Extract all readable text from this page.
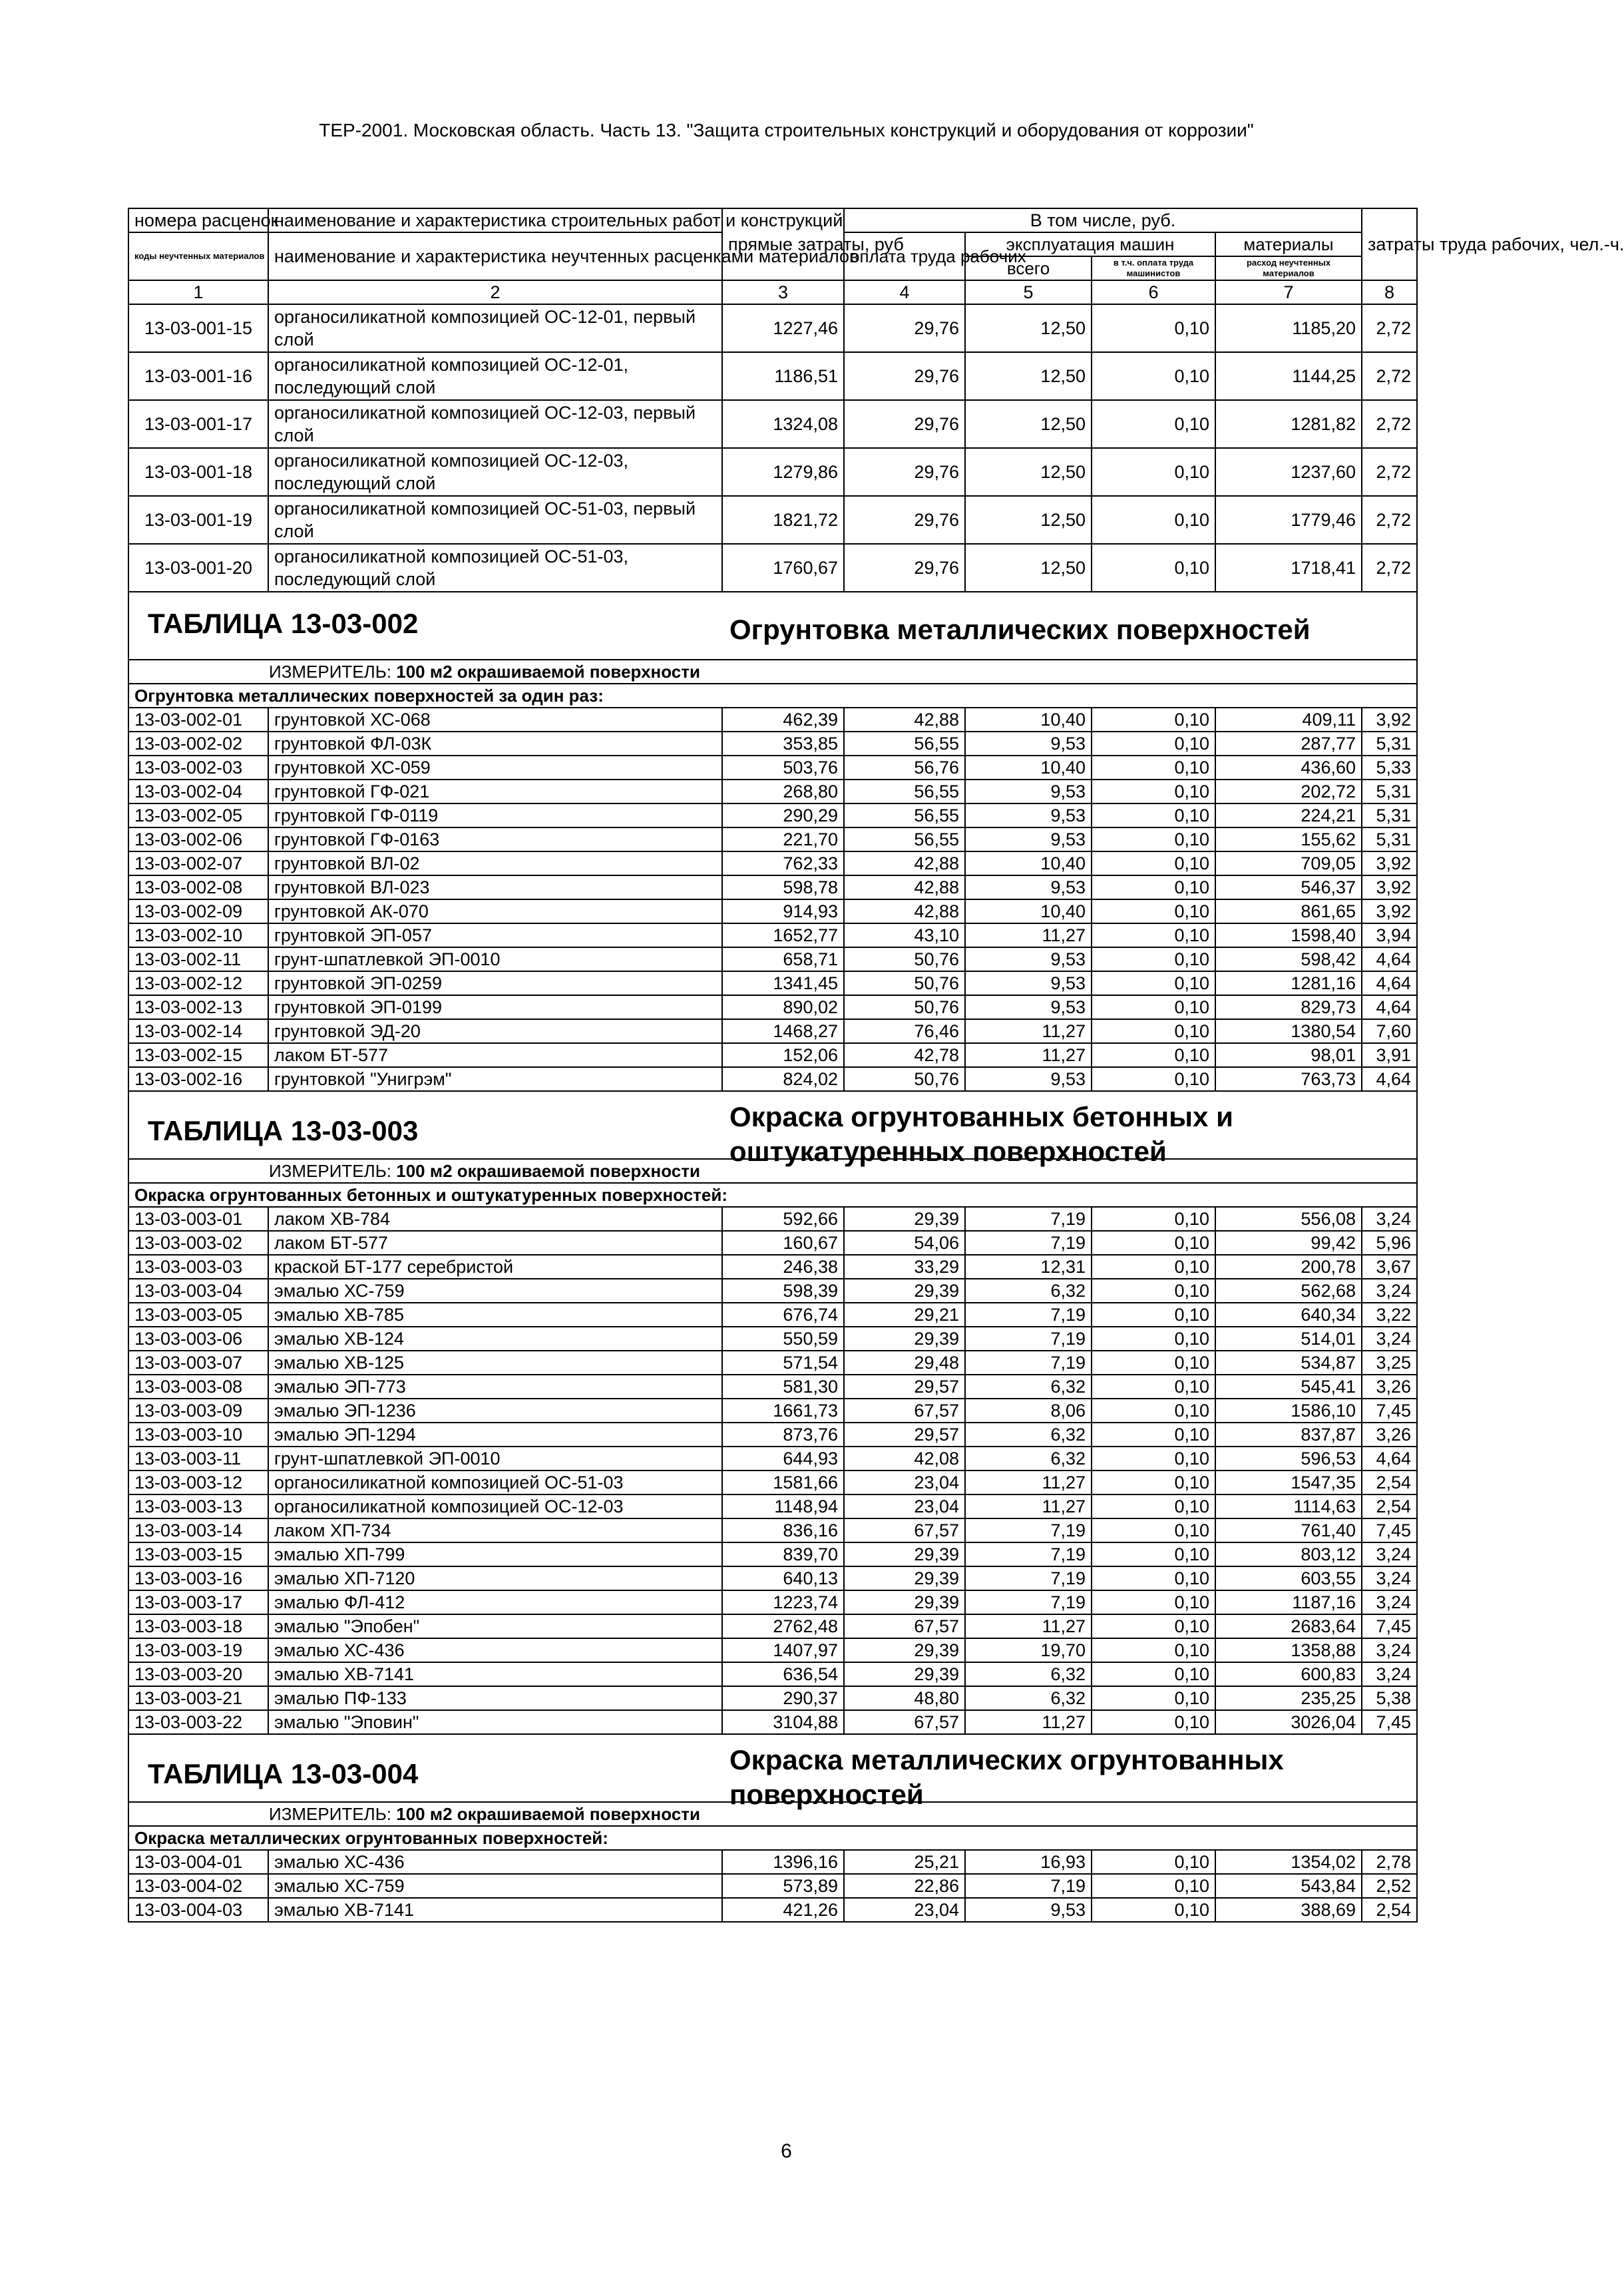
ТЕР-2001. Московская область. Часть 13. "Защита строительных конструкций и оборудования от коррозии"
номера расценок	наименование и характеристика строительных работ и конструкций	прямые затраты, руб	В том числе, руб.				затраты труда рабочих, чел.-ч.
коды неучтенных материалов	наименование и характеристика неучтенных расценками материалов		оплата труда рабочих	эксплуатация машин		материалы	
				всего	в т.ч. оплата труда машинистов	расход неучтенных материалов	
1	2	3	4	5	6	7	8
13-03-001-15	органосиликатной композицией ОС-12-01, первый слой	1227,46	29,76	12,50	0,10	1185,20	2,72
13-03-001-16	органосиликатной композицией ОС-12-01, последующий слой	1186,51	29,76	12,50	0,10	1144,25	2,72
13-03-001-17	органосиликатной композицией ОС-12-03, первый слой	1324,08	29,76	12,50	0,10	1281,82	2,72
13-03-001-18	органосиликатной композицией ОС-12-03, последующий слой	1279,86	29,76	12,50	0,10	1237,60	2,72
13-03-001-19	органосиликатной композицией ОС-51-03, первый слой	1821,72	29,76	12,50	0,10	1779,46	2,72
13-03-001-20	органосиликатной композицией ОС-51-03, последующий слой	1760,67	29,76	12,50	0,10	1718,41	2,72

ТАБЛИЦА 13-03-002 Огрунтовка металлических поверхностей							

ИЗМЕРИТЕЛЬ: 100 м2 окрашиваемой поверхности							
Огрунтовка металлических поверхностей за один раз:							
13-03-002-01	грунтовкой ХС-068	462,39	42,88	10,40	0,10	409,11	3,92
13-03-002-02	грунтовкой ФЛ-03К	353,85	56,55	9,53	0,10	287,77	5,31
13-03-002-03	грунтовкой ХС-059	503,76	56,76	10,40	0,10	436,60	5,33
13-03-002-04	грунтовкой ГФ-021	268,80	56,55	9,53	0,10	202,72	5,31
13-03-002-05	грунтовкой ГФ-0119	290,29	56,55	9,53	0,10	224,21	5,31
13-03-002-06	грунтовкой ГФ-0163	221,70	56,55	9,53	0,10	155,62	5,31
13-03-002-07	грунтовкой ВЛ-02	762,33	42,88	10,40	0,10	709,05	3,92
13-03-002-08	грунтовкой ВЛ-023	598,78	42,88	9,53	0,10	546,37	3,92
13-03-002-09	грунтовкой АК-070	914,93	42,88	10,40	0,10	861,65	3,92
13-03-002-10	грунтовкой ЭП-057	1652,77	43,10	11,27	0,10	1598,40	3,94
13-03-002-11	грунт-шпатлевкой ЭП-0010	658,71	50,76	9,53	0,10	598,42	4,64
13-03-002-12	грунтовкой ЭП-0259	1341,45	50,76	9,53	0,10	1281,16	4,64
13-03-002-13	грунтовкой ЭП-0199	890,02	50,76	9,53	0,10	829,73	4,64
13-03-002-14	грунтовкой ЭД-20	1468,27	76,46	11,27	0,10	1380,54	7,60
13-03-002-15	лаком БТ-577	152,06	42,78	11,27	0,10	98,01	3,91
13-03-002-16	грунтовкой "Унигрэм"	824,02	50,76	9,53	0,10	763,73	4,64

ТАБЛИЦА 13-03-003 Окраска огрунтованных бетонных и
оштукатуренных поверхностей							

ИЗМЕРИТЕЛЬ: 100 м2 окрашиваемой поверхности							
Окраска огрунтованных бетонных и оштукатуренных поверхностей:							
13-03-003-01	лаком ХВ-784	592,66	29,39	7,19	0,10	556,08	3,24
13-03-003-02	лаком БТ-577	160,67	54,06	7,19	0,10	99,42	5,96
13-03-003-03	краской БТ-177 серебристой	246,38	33,29	12,31	0,10	200,78	3,67
13-03-003-04	эмалью ХС-759	598,39	29,39	6,32	0,10	562,68	3,24
13-03-003-05	эмалью ХВ-785	676,74	29,21	7,19	0,10	640,34	3,22
13-03-003-06	эмалью ХВ-124	550,59	29,39	7,19	0,10	514,01	3,24
13-03-003-07	эмалью ХВ-125	571,54	29,48	7,19	0,10	534,87	3,25
13-03-003-08	эмалью ЭП-773	581,30	29,57	6,32	0,10	545,41	3,26
13-03-003-09	эмалью ЭП-1236	1661,73	67,57	8,06	0,10	1586,10	7,45
13-03-003-10	эмалью ЭП-1294	873,76	29,57	6,32	0,10	837,87	3,26
13-03-003-11	грунт-шпатлевкой ЭП-0010	644,93	42,08	6,32	0,10	596,53	4,64
13-03-003-12	органосиликатной композицией ОС-51-03	1581,66	23,04	11,27	0,10	1547,35	2,54
13-03-003-13	органосиликатной композицией ОС-12-03	1148,94	23,04	11,27	0,10	1114,63	2,54
13-03-003-14	лаком ХП-734	836,16	67,57	7,19	0,10	761,40	7,45
13-03-003-15	эмалью ХП-799	839,70	29,39	7,19	0,10	803,12	3,24
13-03-003-16	эмалью ХП-7120	640,13	29,39	7,19	0,10	603,55	3,24
13-03-003-17	эмалью ФЛ-412	1223,74	29,39	7,19	0,10	1187,16	3,24
13-03-003-18	эмалью "Эпобен"	2762,48	67,57	11,27	0,10	2683,64	7,45
13-03-003-19	эмалью ХС-436	1407,97	29,39	19,70	0,10	1358,88	3,24
13-03-003-20	эмалью ХВ-7141	636,54	29,39	6,32	0,10	600,83	3,24
13-03-003-21	эмалью ПФ-133	290,37	48,80	6,32	0,10	235,25	5,38
13-03-003-22	эмалью "Эповин"	3104,88	67,57	11,27	0,10	3026,04	7,45

ТАБЛИЦА 13-03-004 Окраска металлических огрунтованных
поверхностей							

ИЗМЕРИТЕЛЬ: 100 м2 окрашиваемой поверхности							
Окраска металлических огрунтованных поверхностей:							
13-03-004-01	эмалью ХС-436	1396,16	25,21	16,93	0,10	1354,02	2,78
13-03-004-02	эмалью ХС-759	573,89	22,86	7,19	0,10	543,84	2,52
13-03-004-03	эмалью ХВ-7141	421,26	23,04	9,53	0,10	388,69	2,54
6
